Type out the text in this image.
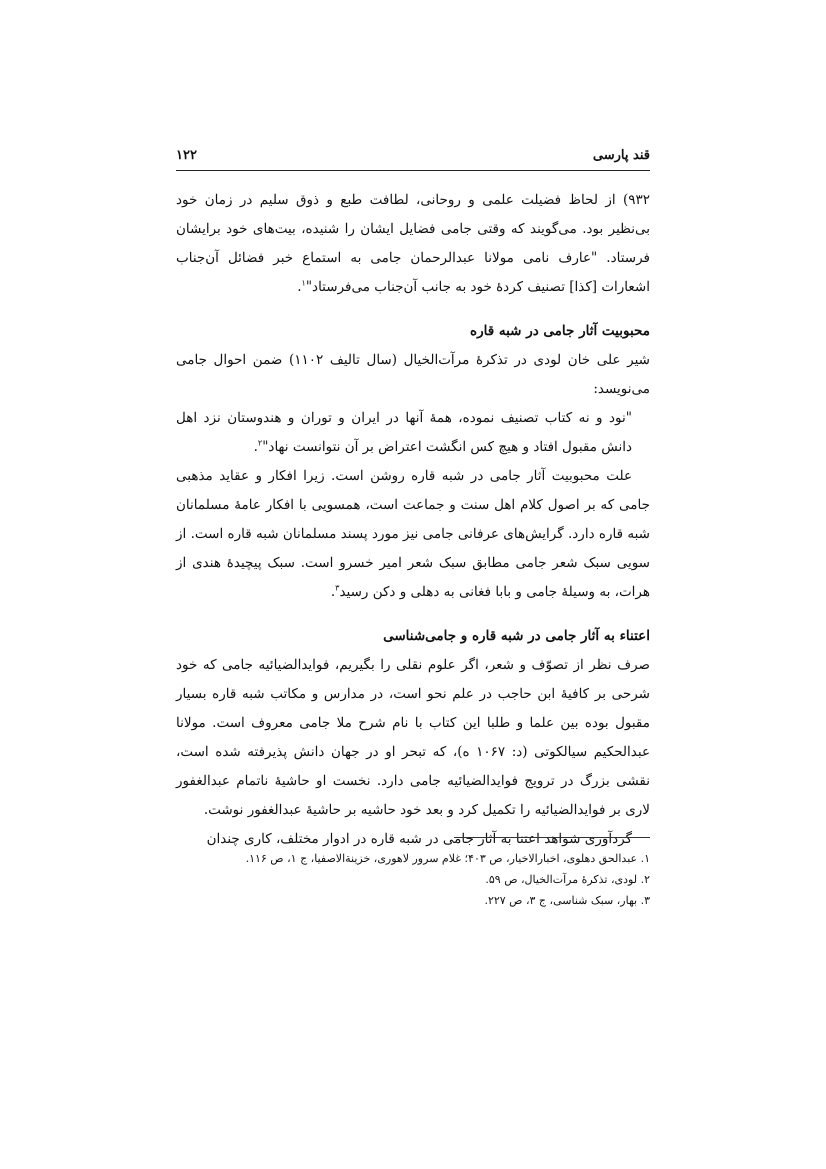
قند پارسی
۱۲۲

۹۳۲) از لحاظ فضیلت علمی و روحانی، لطافت طبع و ذوق سلیم در زمان خود بی‌نظیر بود. می‌گویند که وقتی جامی فضایل ایشان را شنیده، بیت‌های خود برایشان فرستاد. "عارف نامی مولانا عبدالرحمان جامی به استماع خبر فضائل آن‌جناب اشعارات [کذا] تصنیف کردهٔ خود به جانب آن‌جناب می‌فرستاد"$^۱$.

محبوبیت آثار جامی در شبه قاره

شیر علی خان لودی در تذکرهٔ مرآت‌الخیال (سال تالیف ۱۱۰۲) ضمن احوال جامی می‌نویسد:

"نود و نه کتاب تصنیف نموده، همهٔ آنها در ایران و توران و هندوستان نزد اهل دانش مقبول افتاد و هیچ کس انگشت اعتراض بر آن نتوانست نهاد"$^۲$.

علت محبوبیت آثار جامی در شبه قاره روشن است. زیرا افکار و عقاید مذهبی جامی که بر اصول کلام اهل سنت و جماعت است، همسویی با افکار عامهٔ مسلمانان شبه قاره دارد. گرایش‌های عرفانی جامی نیز مورد پسند مسلمانان شبه قاره است. از سویی سبک شعر جامی مطابق سبک شعر امیر خسرو است. سبک پیچیدهٔ هندی از هرات، به وسیلهٔ جامی و بابا فغانی به دهلی و دکن رسید$^۳$.

اعتناء به آثار جامی در شبه قاره و جامی‌شناسی

صرف نظر از تصوّف و شعر، اگر علوم نقلی را بگیریم، فوایدالضیائیه جامی که خود شرحی بر کافیهٔ ابن حاجب در علم نحو است، در مدارس و مکاتب شبه قاره بسیار مقبول بوده بین علما و طلبا این کتاب با نام شرح ملا جامی معروف است. مولانا عبدالحکیم سیالکوتی (د: ۱۰۶۷ ه)، که تبحر او در جهان دانش پذیرفته شده است، نقشی بزرگ در ترویج فوایدالضیائیه جامی دارد. نخست او حاشیهٔ ناتمام عبدالغفور لاری بر فوایدالضیائیه را تکمیل کرد و بعد خود حاشیه بر حاشیهٔ عبدالغفور نوشت.

گردآوری شواهد اعتنا به آثار جامی در شبه قاره در ادوار مختلف، کاری چندان

۱. عبدالحق دهلوی، اخبارالاخیار، ص ۴۰۳؛ غلام سرور لاهوری، خزینةالاصفیا، ج ۱، ص ۱۱۶.

۲. لودی، تذکرهٔ مرآت‌الخیال، ص ۵۹.

۳. بهار، سبک شناسی، ج ۳، ص ۲۲۷.
